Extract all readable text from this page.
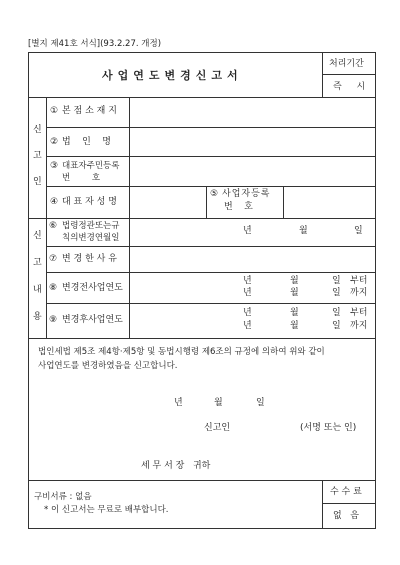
[별지 제41호 서식](93.2.27. 개정)
사업연도변경신고서
처리기간
즉 시
신
고
인
① 본 점 소 재 지
② 법    인    명
③ 대표자주민등록
번        호
④ 대 표 자 성 명
⑤ 사업자등록
번    호
신
고
내
용
⑥ 법령정관또는규
칙의변경연월일
년	월	일
⑦ 변 경 한 사 유
⑧ 변경전사업연도
년	월	일 부터
년	월	일 까지
⑨ 변경후사업연도
년	월	일 부터
년	월	일 까지
법인세법 제5조 제4항·제5항 및 동법시행령 제6조의 규정에 의하여 위와 같이
사업연도를 변경하였음을 신고합니다.
년	월	일
신고인	(서명 또는 인)
세 무 서 장   귀하
구비서류 : 없음
* 이 신고서는 무료로 배부합니다.
수 수 료
없   음
